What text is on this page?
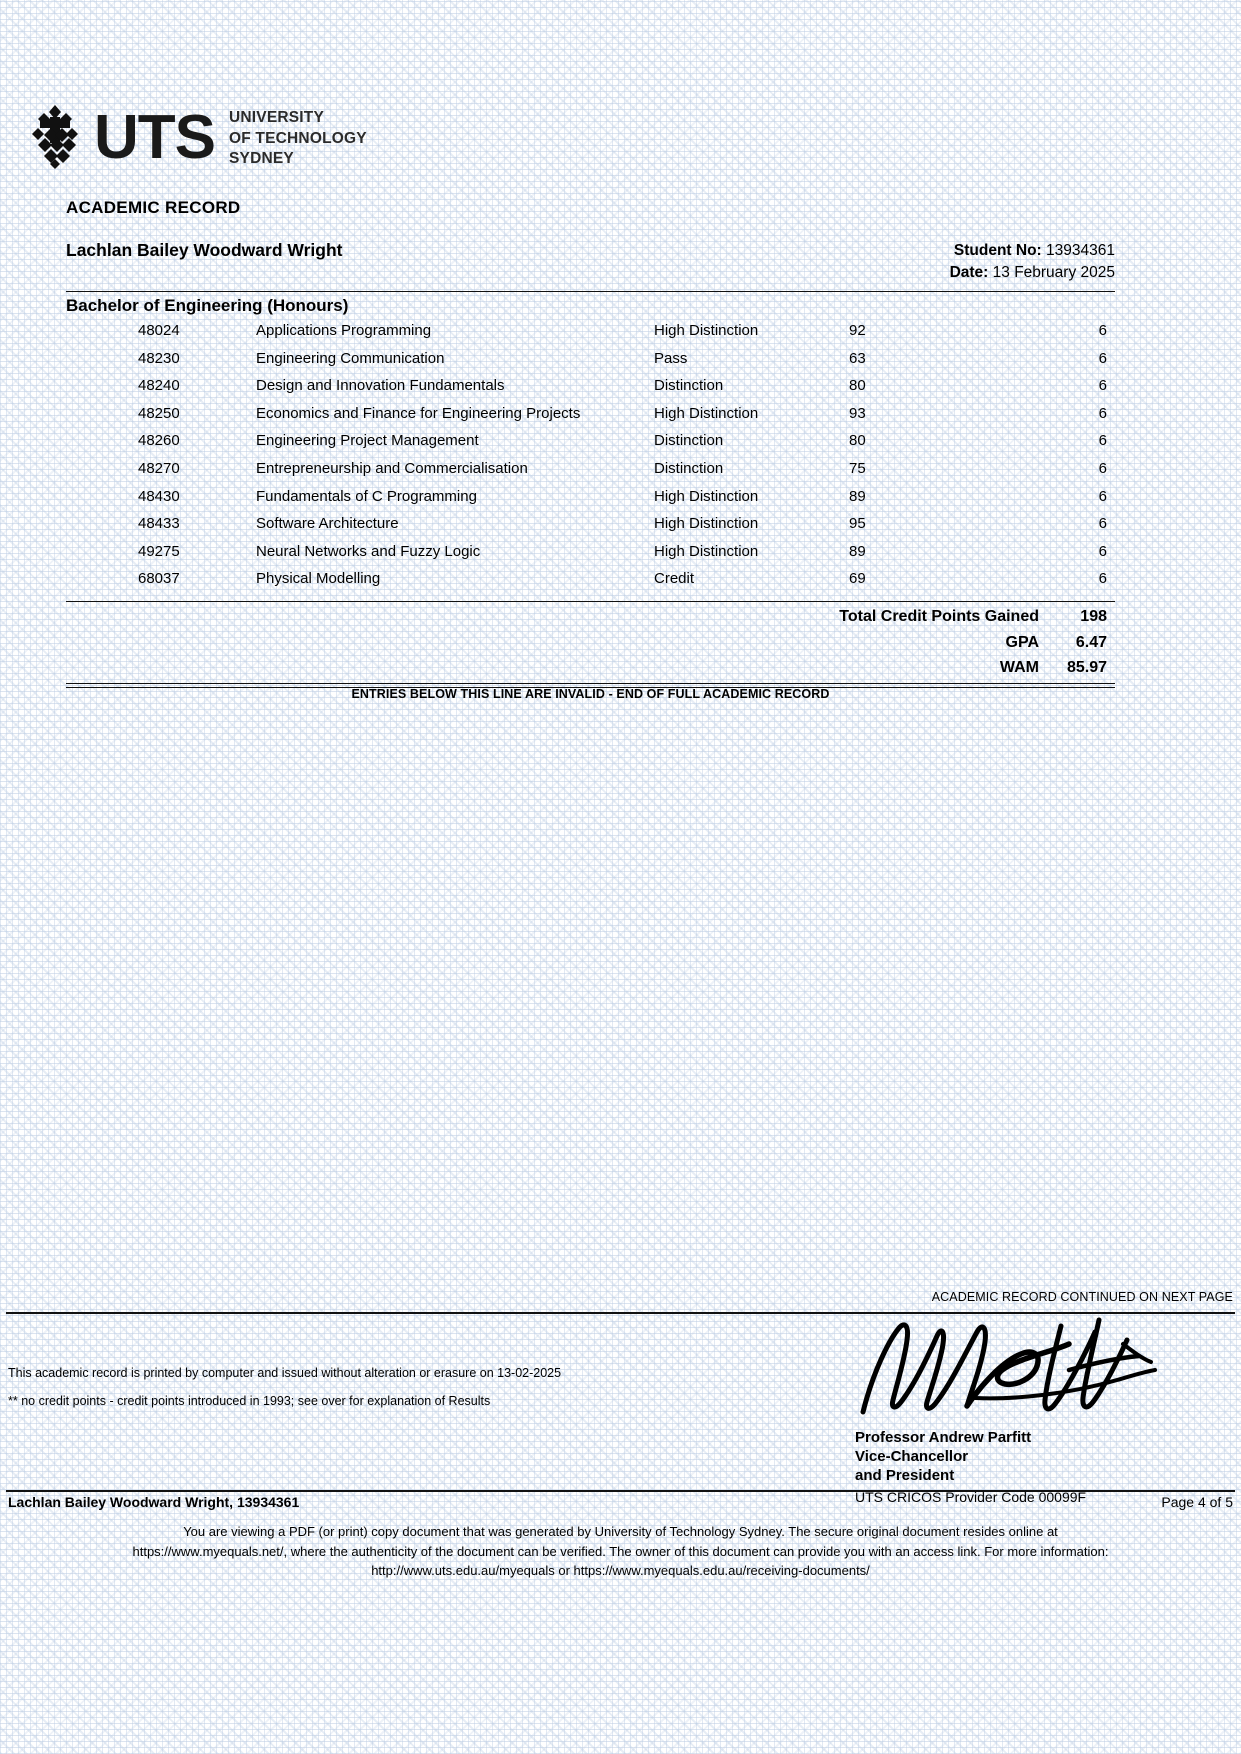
UTS UNIVERSITY
OF TECHNOLOGY
SYDNEY
ACADEMIC RECORD
Lachlan Bailey Woodward Wright	Student No: 13934361
Date: 13 February 2025
Bachelor of Engineering (Honours)
48024	Applications Programming	High Distinction	92	6
48230	Engineering Communication	Pass	63	6
48240	Design and Innovation Fundamentals	Distinction	80	6
48250	Economics and Finance for Engineering Projects	High Distinction	93	6
48260	Engineering Project Management	Distinction	80	6
48270	Entrepreneurship and Commercialisation	Distinction	75	6
48430	Fundamentals of C Programming	High Distinction	89	6
48433	Software Architecture	High Distinction	95	6
49275	Neural Networks and Fuzzy Logic	High Distinction	89	6
68037	Physical Modelling	Credit	69	6
Total Credit Points Gained	198
GPA	6.47
WAM	85.97
ENTRIES BELOW THIS LINE ARE INVALID - END OF FULL ACADEMIC RECORD
ACADEMIC RECORD CONTINUED ON NEXT PAGE
This academic record is printed by computer and issued without alteration or erasure on 13-02-2025
** no credit points - credit points introduced in 1993; see over for explanation of Results
Professor Andrew Parfitt
Vice-Chancellor
and President
UTS CRICOS Provider Code 00099F
Lachlan Bailey Woodward Wright, 13934361	Page 4 of 5
You are viewing a PDF (or print) copy document that was generated by University of Technology Sydney. The secure original document resides online at
https://www.myequals.net/, where the authenticity of the document can be verified. The owner of this document can provide you with an access link. For more information:
http://www.uts.edu.au/myequals or https://www.myequals.edu.au/receiving-documents/
